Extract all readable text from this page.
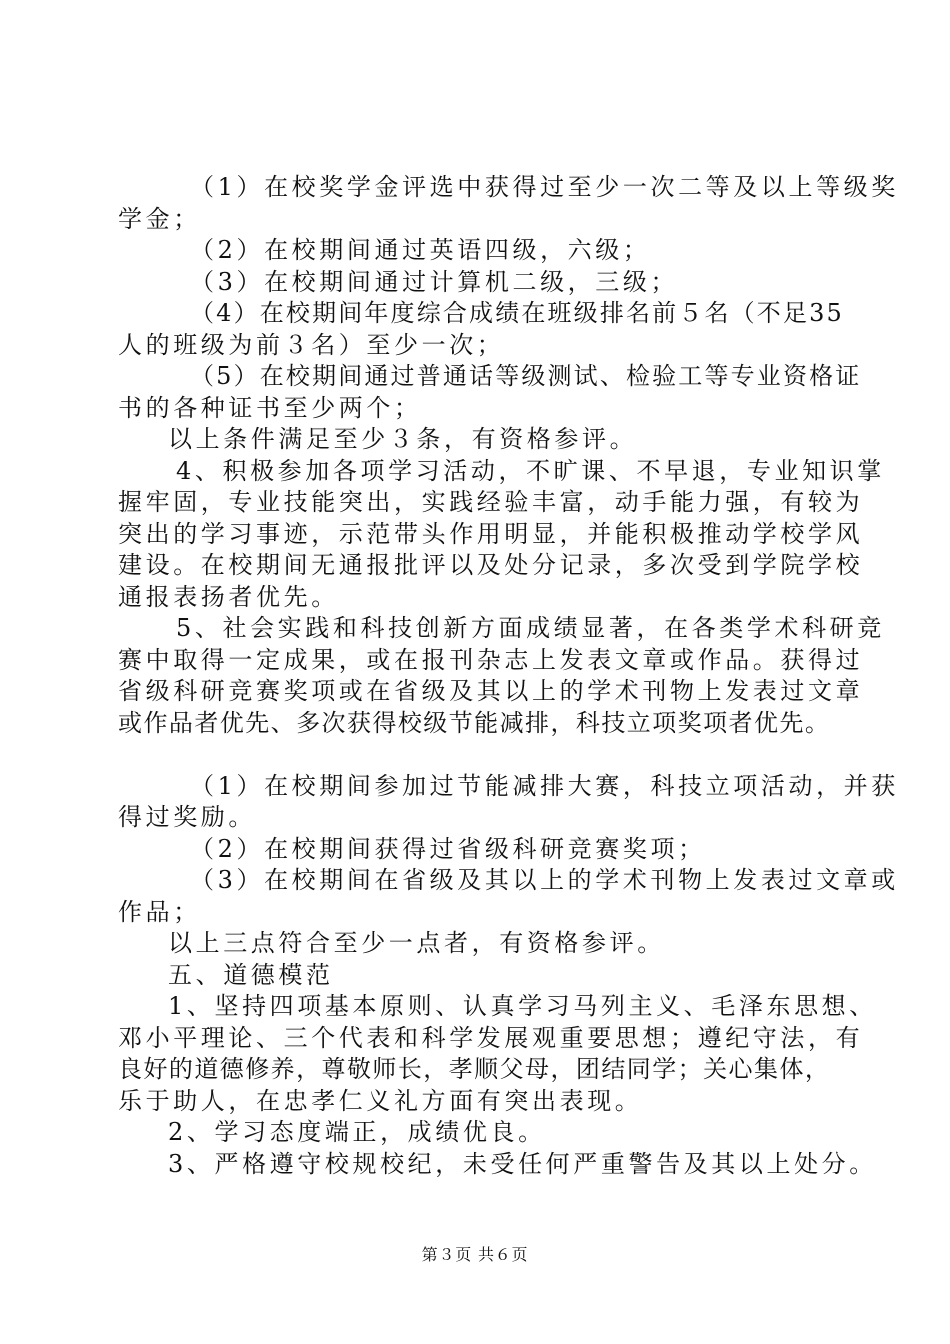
（1）在校奖学金评选中获得过至少一次二等及以上等级奖
学金；
（2）在校期间通过英语四级，六级；
（3）在校期间通过计算机二级，三级；
（4）在校期间年度综合成绩在班级排名前５名（不足35
人的班级为前３名）至少一次；
（5）在校期间通过普通话等级测试、检验工等专业资格证
书的各种证书至少两个；
以上条件满足至少３条，有资格参评。
4、积极参加各项学习活动，不旷课、不早退，专业知识掌
握牢固，专业技能突出，实践经验丰富，动手能力强，有较为
突出的学习事迹，示范带头作用明显，并能积极推动学校学风
建设。在校期间无通报批评以及处分记录，多次受到学院学校
通报表扬者优先。
5、社会实践和科技创新方面成绩显著，在各类学术科研竞
赛中取得一定成果，或在报刊杂志上发表文章或作品。获得过
省级科研竞赛奖项或在省级及其以上的学术刊物上发表过文章
或作品者优先、多次获得校级节能减排，科技立项奖项者优先。
（1）在校期间参加过节能减排大赛，科技立项活动，并获
得过奖励。
（2）在校期间获得过省级科研竞赛奖项；
（3）在校期间在省级及其以上的学术刊物上发表过文章或
作品；
以上三点符合至少一点者，有资格参评。
五、道德模范
1、坚持四项基本原则、认真学习马列主义、毛泽东思想、
邓小平理论、三个代表和科学发展观重要思想；遵纪守法，有
良好的道德修养，尊敬师长，孝顺父母，团结同学；关心集体，
乐于助人，在忠孝仁义礼方面有突出表现。
2、学习态度端正，成绩优良。
3、严格遵守校规校纪，未受任何严重警告及其以上处分。
第３页 共６页
